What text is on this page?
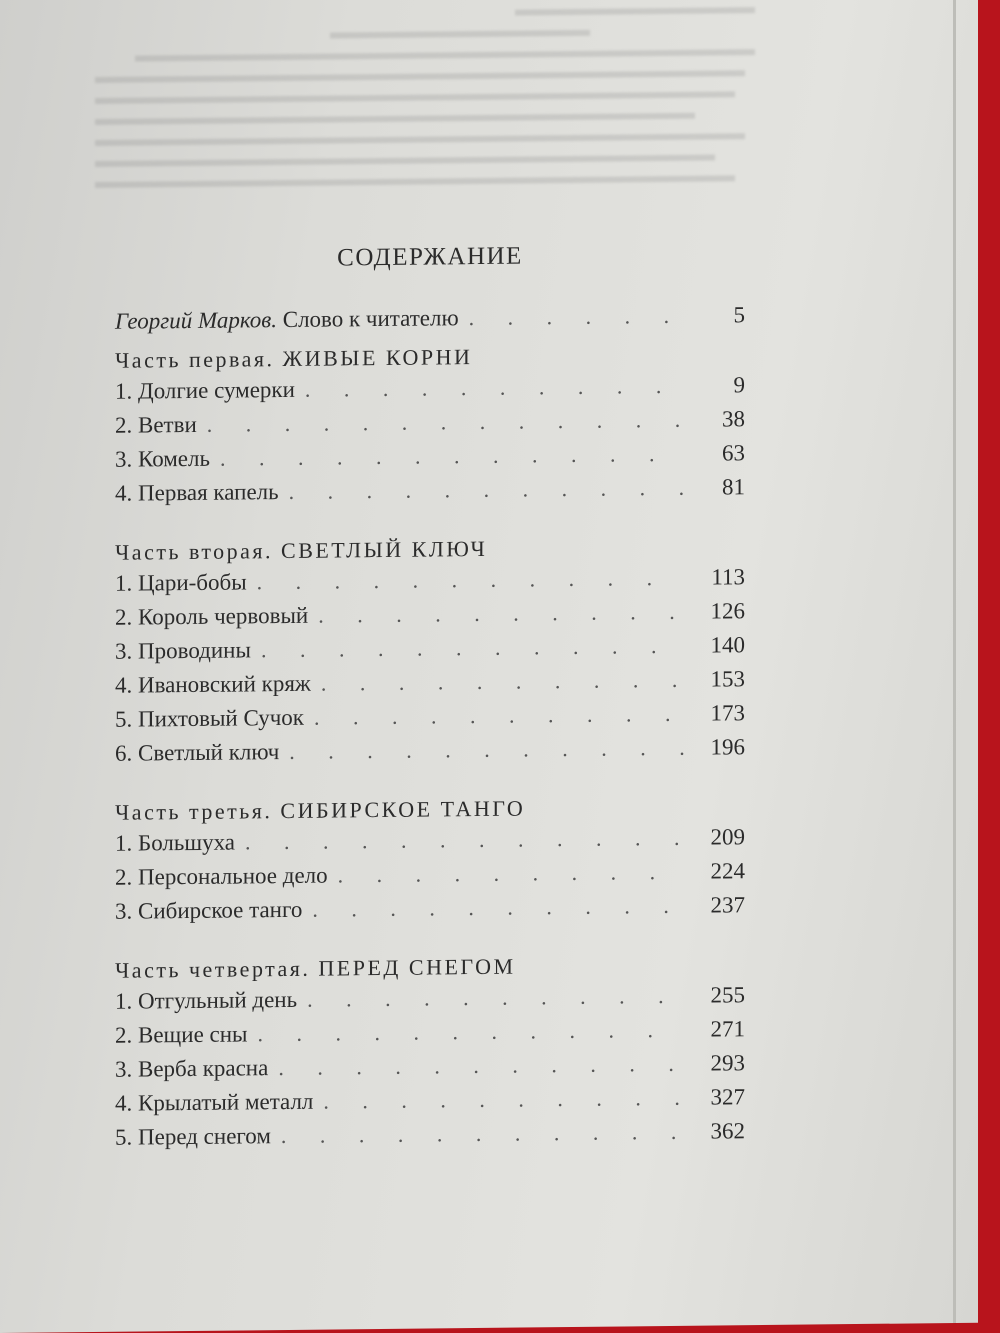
СОДЕРЖАНИЕ
Георгий Марков. Слово к читателю . . .	5
Часть первая. ЖИВЫЕ КОРНИ
1. Долгие сумерки . . .	9
2. Ветви . . .	38
3. Комель . . .	63
4. Первая капель . . .	81
Часть вторая. СВЕТЛЫЙ КЛЮЧ
1. Цари-бобы . . .	113
2. Король червовый . . .	126
3. Проводины . . .	140
4. Ивановский кряж . . .	153
5. Пихтовый Сучок . . .	173
6. Светлый ключ . . .	196
Часть третья. СИБИРСКОЕ ТАНГО
1. Большуха . . .	209
2. Персональное дело . . .	224
3. Сибирское танго . . .	237
Часть четвертая. ПЕРЕД СНЕГОМ
1. Отгульный день . . .	255
2. Вещие сны . . .	271
3. Верба красна . . .	293
4. Крылатый металл . . .	327
5. Перед снегом . . .	362
